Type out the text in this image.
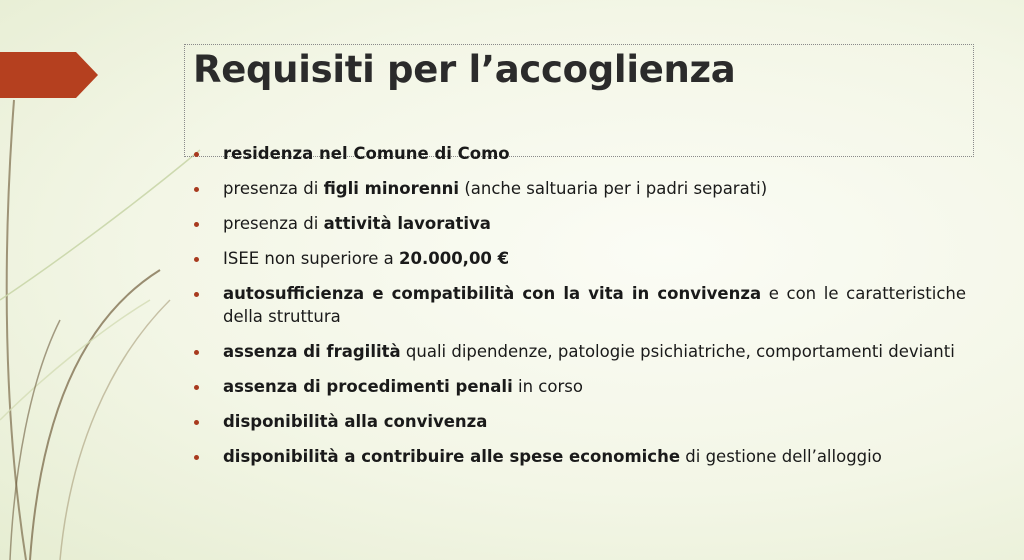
Requisiti per l’accoglienza
residenza nel Comune di Como
presenza di figli minorenni (anche saltuaria per i padri separati)
presenza di attività lavorativa
ISEE non superiore a 20.000,00 €
autosufficienza e compatibilità con la vita in convivenza e con le caratteristiche della struttura
assenza di fragilità quali dipendenze, patologie psichiatriche, comportamenti devianti
assenza di procedimenti penali in corso
disponibilità alla convivenza
disponibilità a contribuire alle spese economiche di gestione dell’alloggio
